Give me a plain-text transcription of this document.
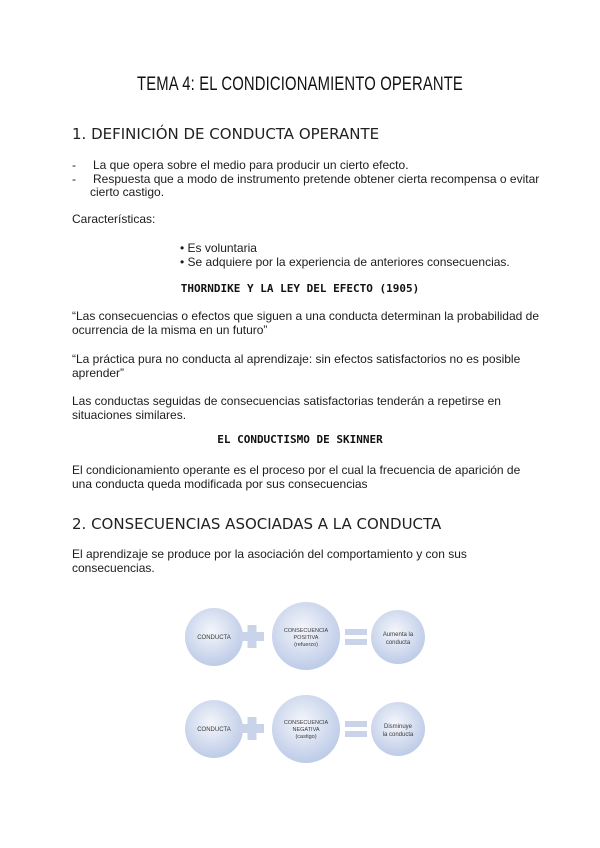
TEMA 4: EL CONDICIONAMIENTO OPERANTE
1. DEFINICIÓN DE CONDUCTA OPERANTE
- La que opera sobre el medio para producir un cierto efecto.
- Respuesta que a modo de instrumento pretende obtener cierta recompensa o evitar
cierto castigo.
Características:
• Es voluntaria
• Se adquiere por la experiencia de anteriores consecuencias.
THORNDIKE Y LA LEY DEL EFECTO (1905)
“Las consecuencias o efectos que siguen a una conducta determinan la probabilidad de
ocurrencia de la misma en un futuro”
“La práctica pura no conducta al aprendizaje: sin efectos satisfactorios no es posible
aprender”
Las conductas seguidas de consecuencias satisfactorias tenderán a repetirse en
situaciones similares.
EL CONDUCTISMO DE SKINNER
El condicionamiento operante es el proceso por el cual la frecuencia de aparición de
una conducta queda modificada por sus consecuencias
2. CONSECUENCIAS ASOCIADAS A LA CONDUCTA
El aprendizaje se produce por la asociación del comportamiento y con sus
consecuencias.
CONDUCTA
CONSECUENCIA
POSITIVA
(refuerzo)
Aumenta la
conducta
CONDUCTA
CONSECUENCIA
NEGATIVA
(castigo)
Disminuye
la conducta
